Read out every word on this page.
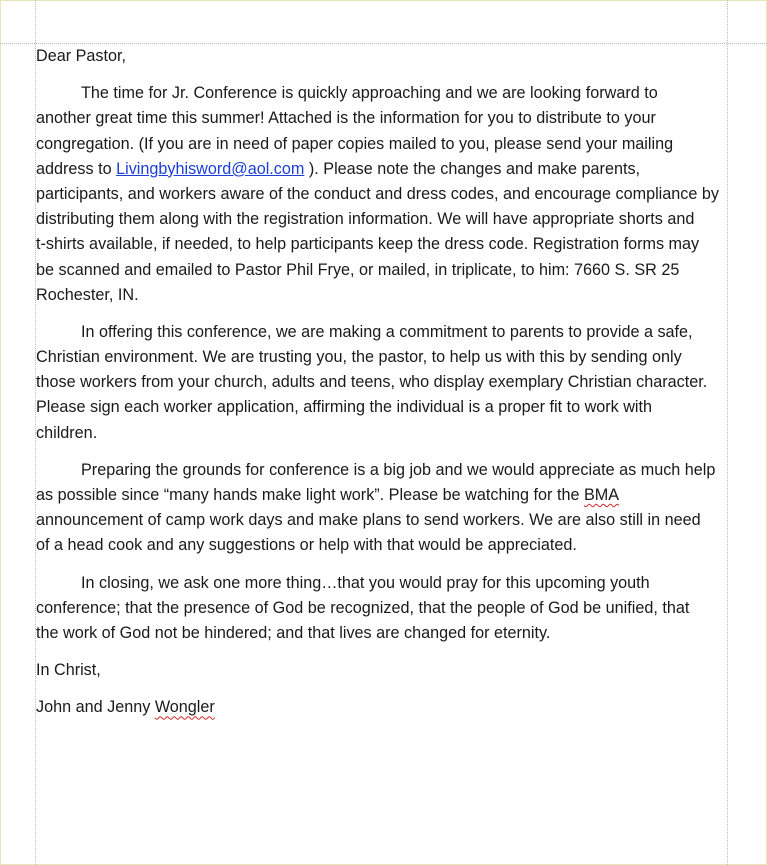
Dear Pastor,
The time for Jr. Conference is quickly approaching and we are looking forward to
another great time this summer! Attached is the information for you to distribute to your
congregation. (If you are in need of paper copies mailed to you, please send your mailing
address to Livingbyhisword@aol.com ). Please note the changes and make parents,
participants, and workers aware of the conduct and dress codes, and encourage compliance by
distributing them along with the registration information. We will have appropriate shorts and
t-shirts available, if needed, to help participants keep the dress code. Registration forms may
be scanned and emailed to Pastor Phil Frye, or mailed, in triplicate, to him: 7660 S. SR 25
Rochester, IN.
In offering this conference, we are making a commitment to parents to provide a safe,
Christian environment. We are trusting you, the pastor, to help us with this by sending only
those workers from your church, adults and teens, who display exemplary Christian character.
Please sign each worker application, affirming the individual is a proper fit to work with
children.
Preparing the grounds for conference is a big job and we would appreciate as much help
as possible since “many hands make light work”. Please be watching for the BMA
announcement of camp work days and make plans to send workers. We are also still in need
of a head cook and any suggestions or help with that would be appreciated.
In closing, we ask one more thing…that you would pray for this upcoming youth
conference; that the presence of God be recognized, that the people of God be unified, that
the work of God not be hindered; and that lives are changed for eternity.
In Christ,
John and Jenny Wongler
